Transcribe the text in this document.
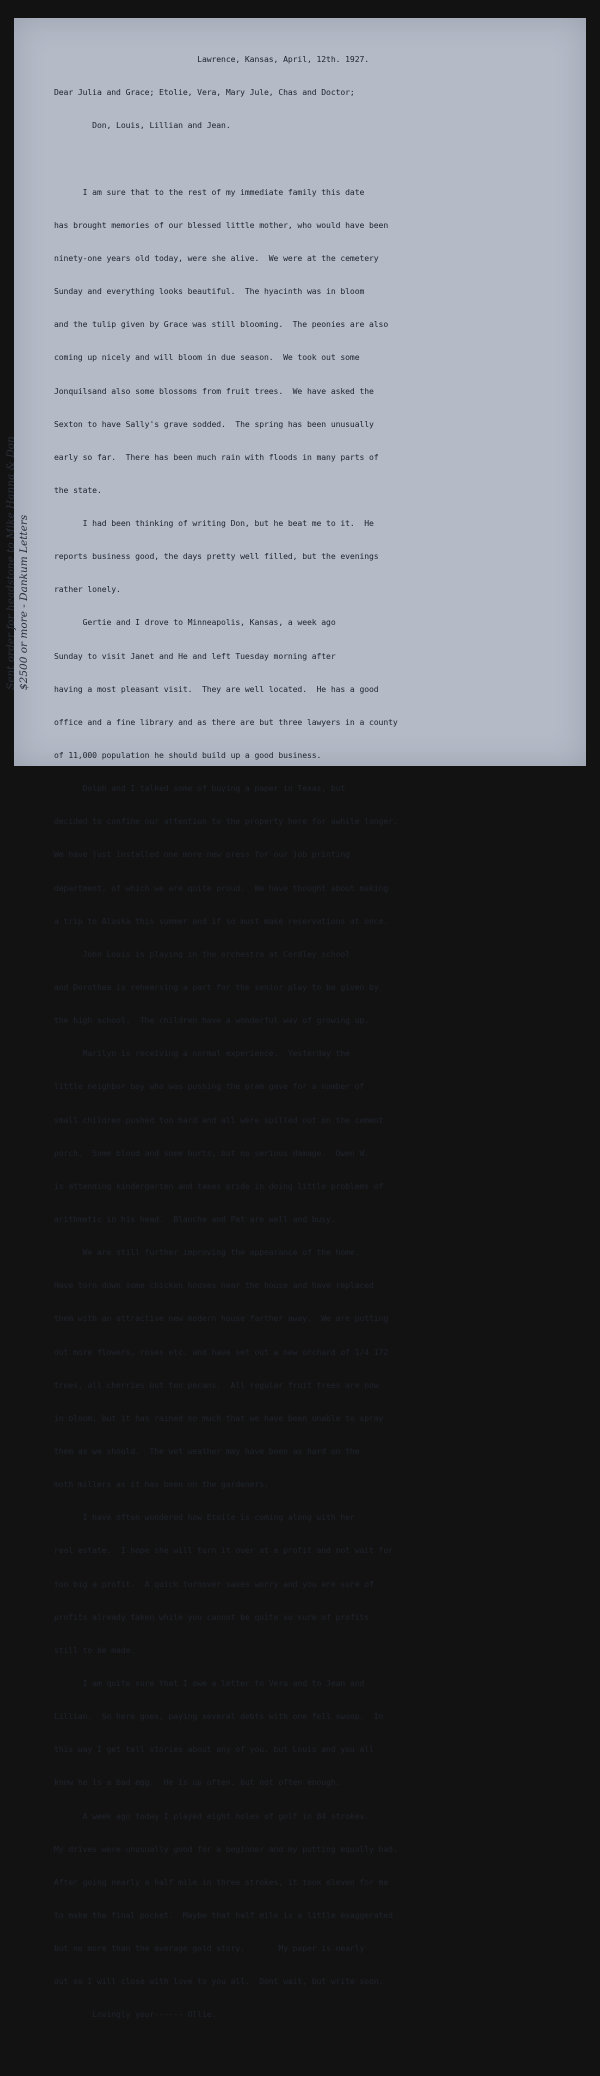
Lawrence, Kansas, April, 12th. 1927.

Dear Julia and Grace; Etolie, Vera, Mary Jule, Chas and Doctor;

Don, Louis, Lillian and Jean.

I am sure that to the rest of my immediate family this date

has brought memories of our blessed little mother, who would have been

ninety-one years old today, were she alive.  We were at the cemetery

Sunday and everything looks beautiful.  The hyacinth was in bloom

and the tulip given by Grace was still blooming.  The peonies are also

coming up nicely and will bloom in due season.  We took out some

Jonquilsand also some blossoms from fruit trees.  We have asked the

Sexton to have Sally's grave sodded.  The spring has been unusually

early so far.  There has been much rain with floods in many parts of

the state.

I had been thinking of writing Don, but he beat me to it.  He

reports business good, the days pretty well filled, but the evenings

rather lonely.

Gertie and I drove to Minneapolis, Kansas, a week ago

Sunday to visit Janet and He and left Tuesday morning after

having a most pleasant visit.  They are well located.  He has a good

office and a fine library and as there are but three lawyers in a county

of 11,000 population he should build up a good business.

Dolph and I talked some of buying a paper in Texas, but

decided to confine our attention to the property here for awhile longer.

We have just installed one more new press for our job printing

department, of which we are quite proud.  We have thought about making

a trip to Alaska this summer and if so must make reservations at once.

John Louis is playing in the orchestra at Cordley school

and Dorothea is rehearsing a part for the senior play to be given by

the high school.  The children have a wonderful way of growing up.

Marilyn is receiving a normal experience.  Yesterday the

little neighbor boy who was pushing the pram gave for a number of

small children pushed too hard and all were spilled out on the cement

porch.  Some blood and some hurts, but no serious damage.  Owen W.

is attending kindergarten and takes pride in doing little problems of

arithmetic in his head.  Blanche and Pat are well and busy.

We are still further improving the appearance of the home.

Have torn down some chicken houses near the house and have replaced

them with an attractive new modern house farther away.  We are putting

out more flowers, roses etc. and have set out a new orchard of 1/4 172

trees, all cherries but ten pecans.  All regular fruit trees are now

in bloom, but it has rained so much that we have been unable to spray

them as we should.  The wet weather may have been as hard on the

moth millers as it has been on the gardeners.

I have often wondered how Etoile is coming along with her

real estate.  I hope she will turn it over at a profit and not wait for

too big a profit.  A quick turnover saves worry and you are sure of

profits already taken while you cannot be quite so sure of profits

still to be made.

I am quite sure that I owe a letter to Vera and to Jean and

Lillian.  So here goes, paying several debts with one fell swoop.  In

this way I get tell stories about any of you, but Louis and you all

know he is a bad egg.  He is up often, but not often enough.

A week ago today I played eight holes of golf in 84 strokes.

My drives were unusually good for a beginner and my putting equally bad.

After going nearly a half mile in three strokes, it took eleven for me

to make the final pocket.  Maybe that half mile is a little exaggerated

but no more than the average gold story.       My paper is nearly

out so I will close with love to you all.  Dont wait, but write soon.

Lovingly your------ Ollie.

Sent order for headstone to Mike Hanna & Don $2500 or more - Dankum Letters
